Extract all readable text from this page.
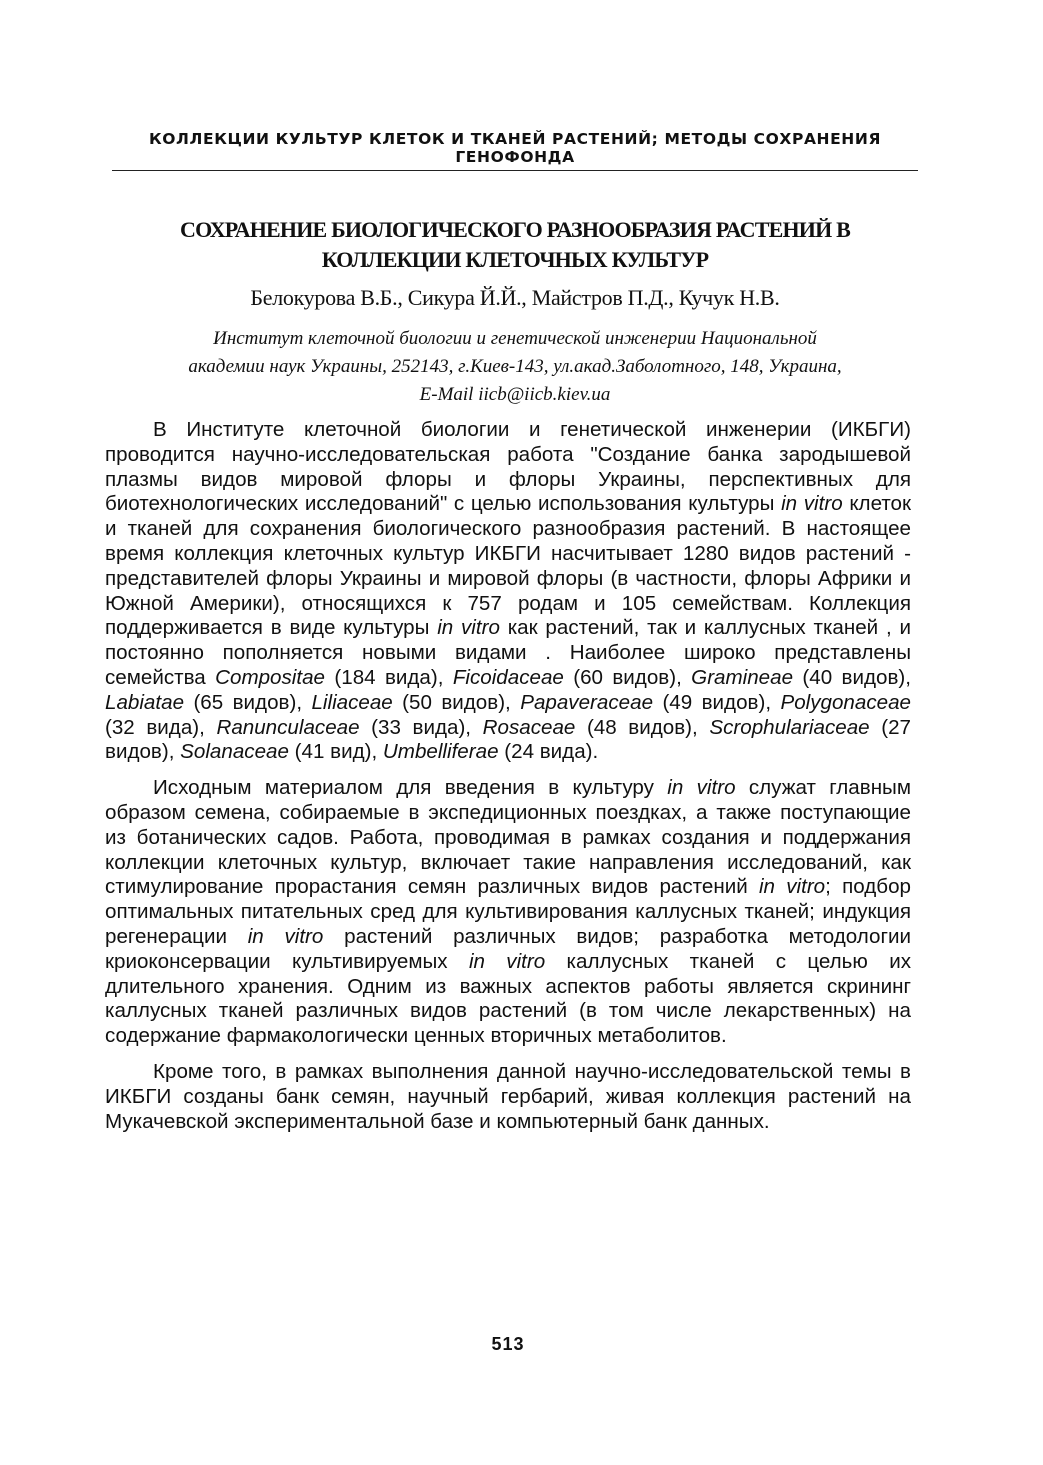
КОЛЛЕКЦИИ КУЛЬТУР КЛЕТОК И ТКАНЕЙ РАСТЕНИЙ; МЕТОДЫ СОХРАНЕНИЯ ГЕНОФОНДА
СОХРАНЕНИЕ БИОЛОГИЧЕСКОГО РАЗНООБРАЗИЯ РАСТЕНИЙ В КОЛЛЕКЦИИ КЛЕТОЧНЫХ КУЛЬТУР
Белокурова В.Б., Сикура Й.Й., Майстров П.Д., Кучук Н.В.
Институт клеточной биологии и генетической инженерии Национальной
академии наук Украины, 252143, г.Киев-143, ул.акад.Заболотного, 148, Украина,
E-Mail iicb@iicb.kiev.ua

В Институте клеточной биологии и генетической инженерии (ИКБГИ) проводится научно-исследовательская работа "Создание банка зародышевой плазмы видов мировой флоры и флоры Украины, перспективных для биотехнологических исследований" с целью использования культуры in vitro клеток и тканей для сохранения биологического разнообразия растений. В настоящее время коллекция клеточных культур ИКБГИ насчитывает 1280 видов растений - представителей флоры Украины и мировой флоры (в частности, флоры Африки и Южной Америки), относящихся к 757 родам и 105 семействам. Коллекция поддерживается в виде культуры in vitro как растений, так и каллусных тканей , и постоянно пополняется новыми видами . Наиболее широко представлены семейства Compositae (184 вида), Ficoidaceae (60 видов), Gramineae (40 видов), Labiatae (65 видов), Liliaceae (50 видов), Papaveraceae (49 видов), Polygonaceae (32 вида), Ranunculaceae (33 вида), Rosaceae (48 видов), Scrophulariaceae (27 видов), Solanaceae (41 вид), Umbelliferae (24 вида).

Исходным материалом для введения в культуру in vitro служат главным образом семена, собираемые в экспедиционных поездках, а также поступающие из ботанических садов. Работа, проводимая в рамках создания и поддержания коллекции клеточных культур, включает такие направления исследований, как стимулирование прорастания семян различных видов растений in vitro; подбор оптимальных питательных сред для культивирования каллусных тканей; индукция регенерации in vitro растений различных видов; разработка методологии криоконсервации культивируемых in vitro каллусных тканей с целью их длительного хранения. Одним из важных аспектов работы является скрининг каллусных тканей различных видов растений (в том числе лекарственных) на содержание фармакологически ценных вторичных метаболитов.

Кроме того, в рамках выполнения данной научно-исследовательской темы в ИКБГИ созданы банк семян, научный гербарий, живая коллекция растений на Мукачевской экспериментальной базе и компьютерный банк данных.

513
